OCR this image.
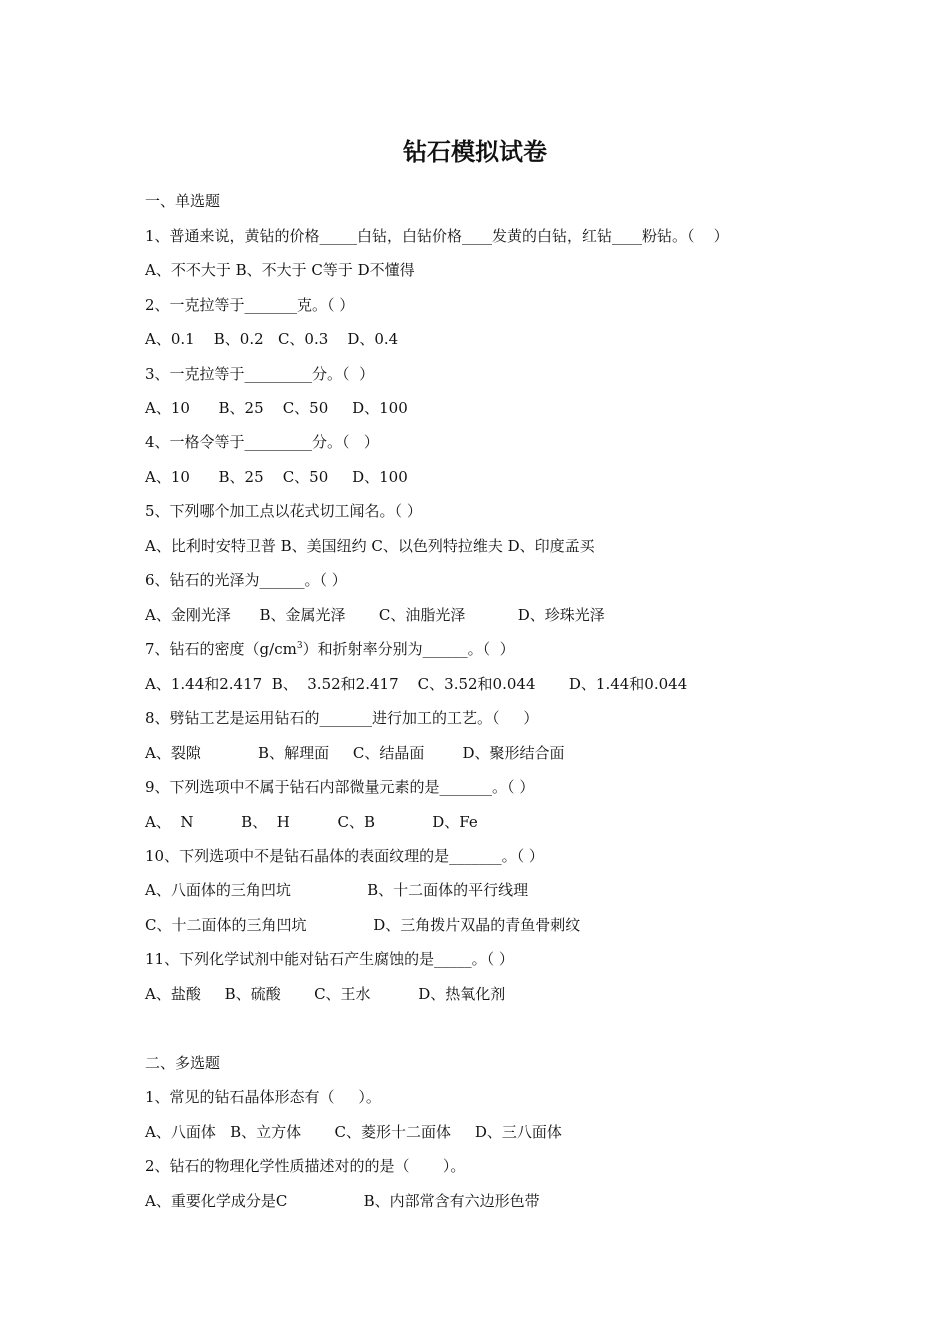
钻石模拟试卷
一、单选题
1、普通来说，黄钻的价格_____白钻，白钻价格____发黄的白钻，红钻____粉钻。（    ）
A、不不大于 B、不大于 C等于 D不懂得
2、一克拉等于_______克。（ ）
A、0.1    B、0.2   C、0.3    D、0.4
3、一克拉等于_________分。（  ）
A、10      B、25    C、50     D、100
4、一格令等于_________分。（   ）
A、10      B、25    C、50     D、100
5、下列哪个加工点以花式切工闻名。（ ）
A、比利时安特卫普 B、美国纽约 C、以色列特拉维夫 D、印度孟买
6、钻石的光泽为______。（ ）
A、金刚光泽      B、金属光泽       C、油脂光泽           D、珍珠光泽
7、钻石的密度$(g/cm^3)$和折射率分别为______。（  ）
A、1.44和2.417  B、  3.52和2.417    C、3.52和0.044       D、1.44和0.044
8、劈钻工艺是运用钻石的_______进行加工的工艺。（     ）
A、裂隙            B、解理面     C、结晶面        D、聚形结合面
9、下列选项中不属于钻石内部微量元素的是_______。（ ）
A、  N          B、  H          C、B            D、Fe
10、下列选项中不是钻石晶体的表面纹理的是_______。（ ）
A、八面体的三角凹坑                B、十二面体的平行线理
C、十二面体的三角凹坑              D、三角拨片双晶的青鱼骨刺纹
11、下列化学试剂中能对钻石产生腐蚀的是_____。（ ）
A、盐酸     B、硫酸       C、王水          D、热氧化剂
二、多选题
1、常见的钻石晶体形态有（     ）。
A、八面体   B、立方体       C、菱形十二面体     D、三八面体
2、钻石的物理化学性质描述对的的是（       ）。
A、重要化学成分是C                B、内部常含有六边形色带
